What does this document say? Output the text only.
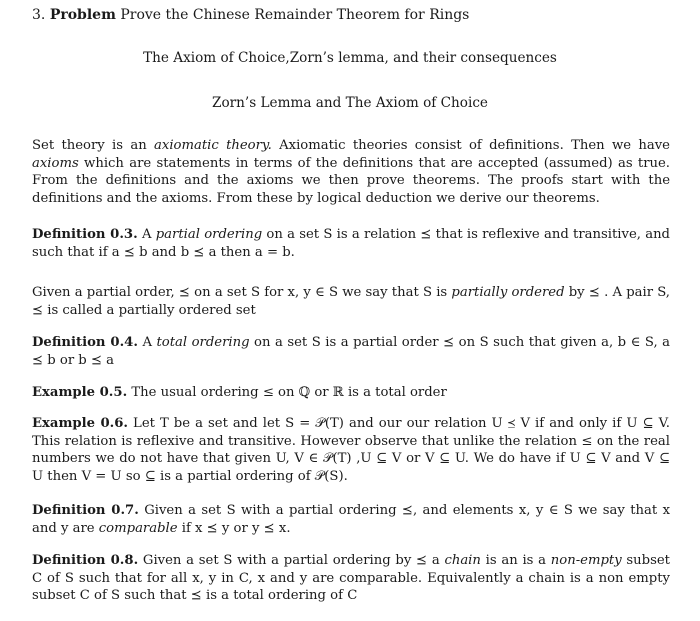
3. Problem Prove the Chinese Remainder Theorem for Rings
The Axiom of Choice,Zorn’s lemma, and their consequences
Zorn’s Lemma and The Axiom of Choice
Set theory is an axiomatic theory. Axiomatic theories consist of definitions. Then we have axioms which are statements in terms of the definitions that are accepted (assumed) as true. From the definitions and the axioms we then prove theorems. The proofs start with the definitions and the axioms. From these by logical deduction we derive our theorems.
Definition 0.3. A partial ordering on a set S is a relation ⪯ that is reflexive and transitive, and such that if a ⪯ b and b ⪯ a then a = b.
Given a partial order, ⪯ on a set S for x, y ∈ S we say that S is partially ordered by ⪯ . A pair S, ⪯ is called a partially ordered set
Definition 0.4. A total ordering on a set S is a partial order ⪯ on S such that given a, b ∈ S, a ⪯ b or b ⪯ a
Example 0.5. The usual ordering ≤ on ℚ or ℝ is a total order
Example 0.6. Let T be a set and let S = 𝒫(T) and our our relation U ⪯ V if and only if U ⊆ V. This relation is reflexive and transitive. However observe that unlike the relation ≤ on the real numbers we do not have that given U, V ∈ 𝒫(T) ,U ⊆ V or V ⊆ U. We do have if U ⊆ V and V ⊆ U then V = U so ⊆ is a partial ordering of 𝒫(S).
Definition 0.7. Given a set S with a partial ordering ⪯, and elements x, y ∈ S we say that x and y are comparable if x ⪯ y or y ⪯ x.
Definition 0.8. Given a set S with a partial ordering by ⪯ a chain is an is a non-empty subset C of S such that for all x, y in C, x and y are comparable. Equivalently a chain is a non empty subset C of S such that ⪯ is a total ordering of C
